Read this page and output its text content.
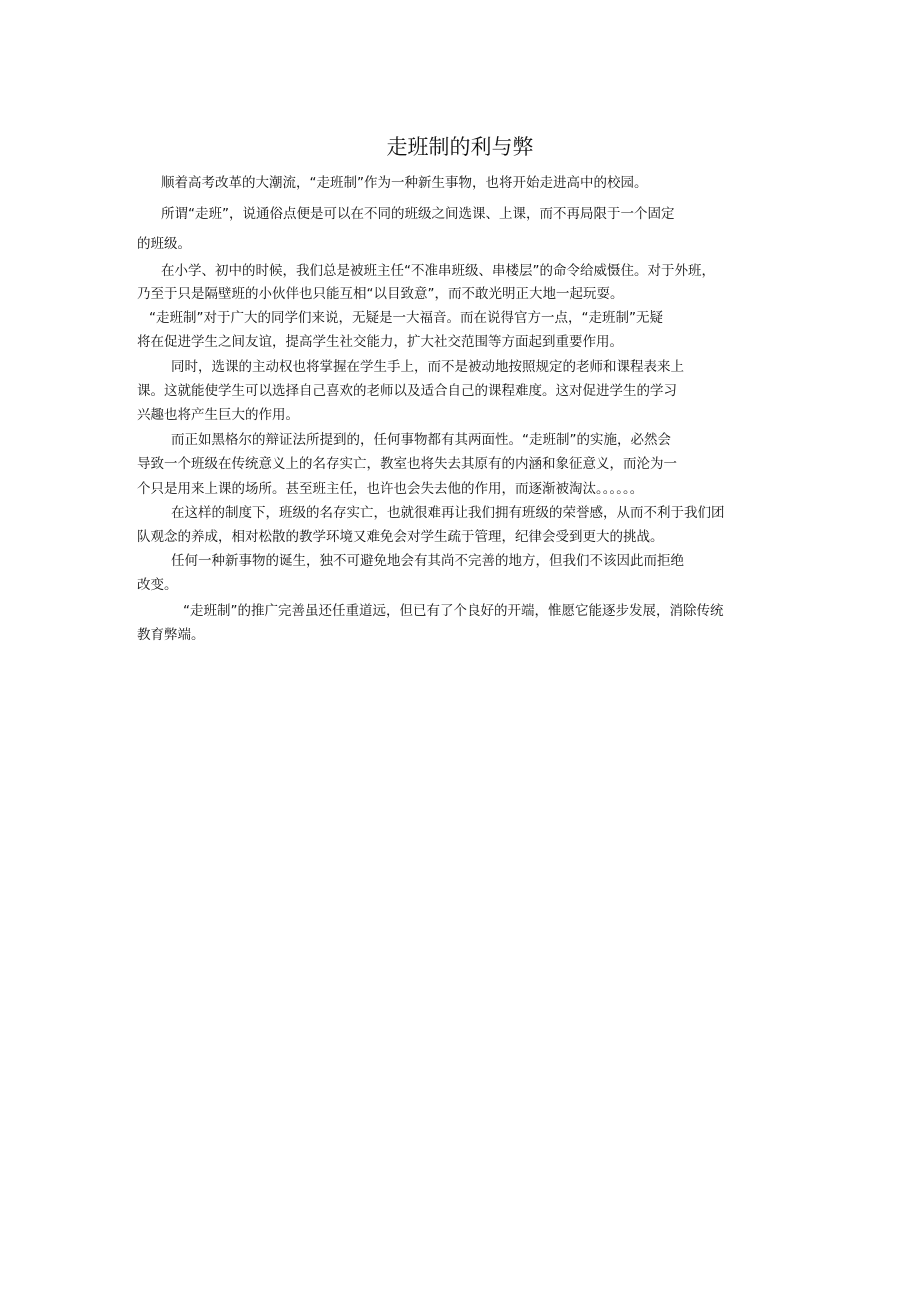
走班制的利与弊
顺着高考改革的大潮流，“走班制”作为一种新生事物，也将开始走进高中的校园。
所谓“走班”，说通俗点便是可以在不同的班级之间选课、上课，而不再局限于一个固定
的班级。
在小学、初中的时候，我们总是被班主任“不准串班级、串楼层”的命令给威慑住。对于外班，
乃至于只是隔壁班的小伙伴也只能互相“以目致意”，而不敢光明正大地一起玩耍。
“走班制”对于广大的同学们来说，无疑是一大福音。而在说得官方一点，“走班制”无疑
将在促进学生之间友谊，提高学生社交能力，扩大社交范围等方面起到重要作用。
同时，选课的主动权也将掌握在学生手上，而不是被动地按照规定的老师和课程表来上
课。这就能使学生可以选择自己喜欢的老师以及适合自己的课程难度。这对促进学生的学习
兴趣也将产生巨大的作用。
而正如黑格尔的辩证法所提到的，任何事物都有其两面性。“走班制”的实施，必然会
导致一个班级在传统意义上的名存实亡，教室也将失去其原有的内涵和象征意义，而沦为一
个只是用来上课的场所。甚至班主任，也许也会失去他的作用，而逐渐被淘汰。。。。。。
在这样的制度下，班级的名存实亡，也就很难再让我们拥有班级的荣誉感，从而不利于我们团
队观念的养成，相对松散的教学环境又难免会对学生疏于管理，纪律会受到更大的挑战。
任何一种新事物的诞生，独不可避免地会有其尚不完善的地方，但我们不该因此而拒绝
改变。
“走班制”的推广完善虽还任重道远，但已有了个良好的开端，惟愿它能逐步发展，消除传统
教育弊端。
